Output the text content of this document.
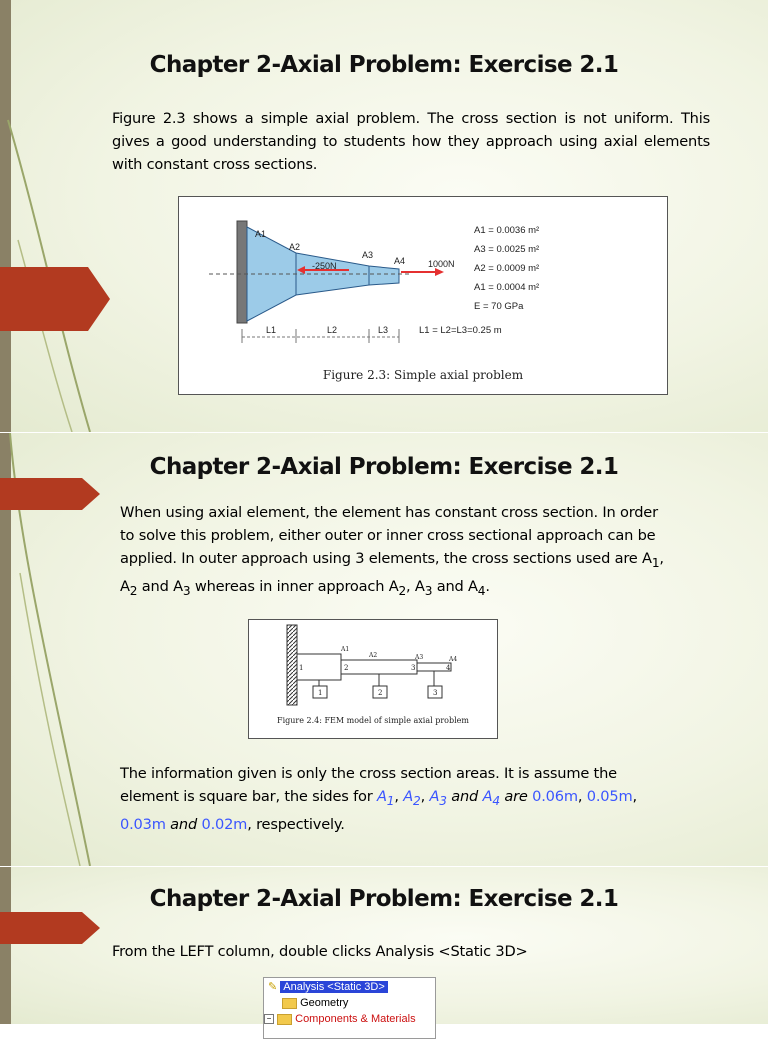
Chapter 2-Axial Problem: Exercise 2.1

Figure 2.3 shows a simple axial problem. The cross section is not uniform. This gives a good understanding to students how they approach using axial elements with constant cross sections.

A1
A2
A3
A4
-250N	1000N
L1	L2	L3
A1 = 0.0036 m²
A3 = 0.0025 m²
A2 = 0.0009 m²
A1 = 0.0004 m²
E = 70 GPa
L1 = L2=L3=0.25 m
Figure 2.3: Simple axial problem
Chapter 2-Axial Problem: Exercise 2.1

When using axial element, the element has constant cross section. In order

to solve this problem, either outer or inner cross sectional approach can be

applied. In outer approach using 3 elements, the cross sections used are $A_1$,

$A_2$ and $A_3$ whereas in inner approach $A_2$, $A_3$ and $A_4$.

1	2	3	4
A1
A2	A3	A4
1	2	3
Figure 2.4: FEM model of simple axial problem

The information given is only the cross section areas. It is assume the

element is square bar, the sides for $A_1$, $A_2$, $A_3$ and $A_4$ are 0.06m, 0.05m,

0.03m and 0.02m, respectively.

Chapter 2-Axial Problem: Exercise 2.1

From the LEFT column, double clicks Analysis <Static 3D>

✎ Analysis <Static 3D>
Geometry
− Components & Materials
